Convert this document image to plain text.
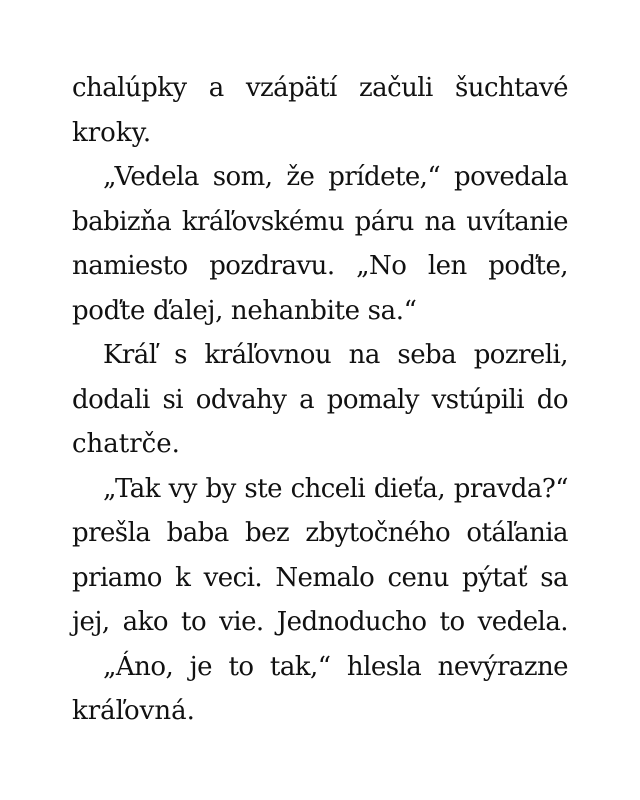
chalúpky a vzápätí začuli šuchtavé
kroky.
„Vedela som, že prídete,“ povedala
babizňa kráľovskému páru na uvítanie
namiesto pozdravu. „No len poďte,
poďte ďalej, nehanbite sa.“
Kráľ s kráľovnou na seba pozreli,
dodali si odvahy a pomaly vstúpili do
chatrče.
„Tak vy by ste chceli dieťa, pravda?“
prešla baba bez zbytočného otáľania
priamo k veci. Nemalo cenu pýtať sa
jej, ako to vie. Jednoducho to vedela.
„Áno, je to tak,“ hlesla nevýrazne
kráľovná.
